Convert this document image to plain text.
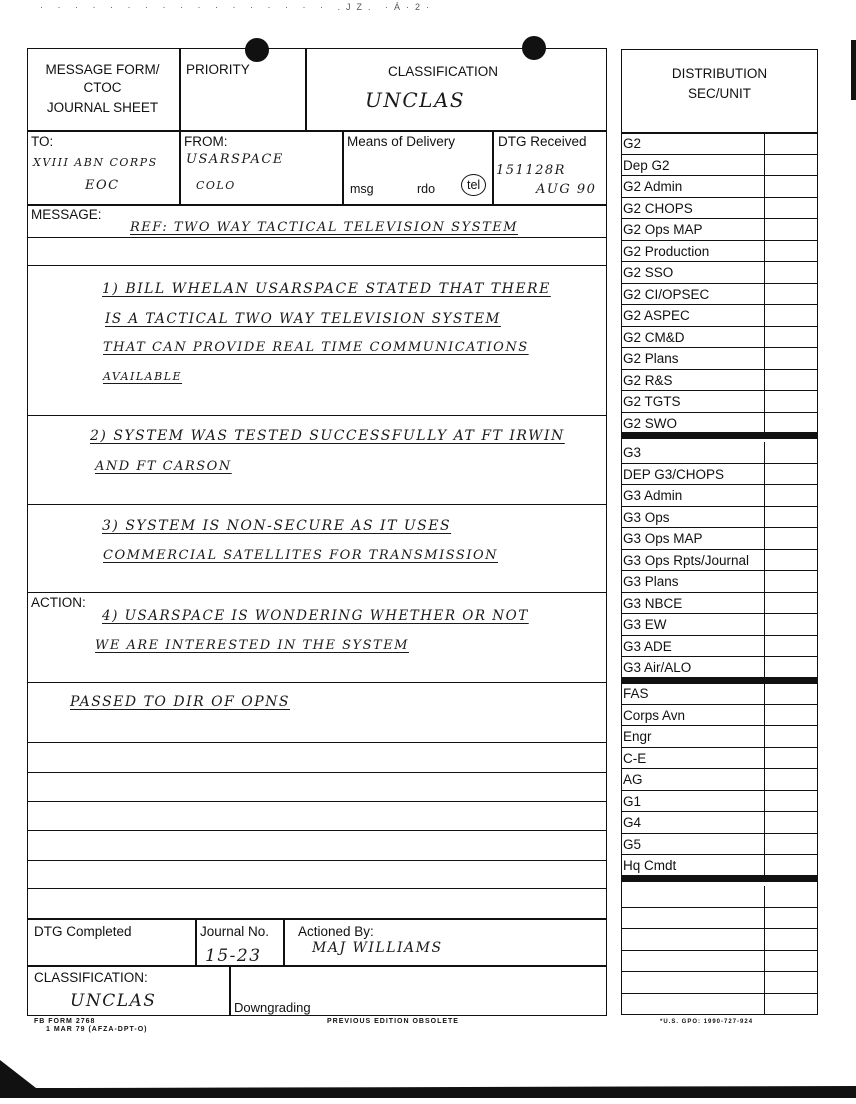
· · · · · · · · · · · · · · · · · .JZ. ·Á·2·
MESSAGE FORM/
CTOC
JOURNAL SHEET
PRIORITY	CLASSIFICATION
UNCLAS
TO:
XVIII ABN CORPS
EOC
FROM:
USARSPACE
COLO
Means of Delivery
msg	rdo	tel
DTG Received
151128R
AUG 90
MESSAGE:
ACTION:
REF: TWO WAY TACTICAL TELEVISION SYSTEM
1) BILL WHELAN USARSPACE STATED THAT THERE
IS A TACTICAL TWO WAY TELEVISION SYSTEM
THAT CAN PROVIDE REAL TIME COMMUNICATIONS
AVAILABLE
2) SYSTEM WAS TESTED SUCCESSFULLY AT FT IRWIN
AND FT CARSON
3) SYSTEM IS NON-SECURE AS IT USES
COMMERCIAL SATELLITES FOR TRANSMISSION
4) USARSPACE IS WONDERING WHETHER OR NOT
WE ARE INTERESTED IN THE SYSTEM
PASSED TO DIR OF OPNS
DTG Completed	Journal No.
15-23
Actioned By:
MAJ WILLIAMS
CLASSIFICATION:
UNCLAS	Downgrading
FB FORM 2768
1 MAR 79 (AFZA-DPT-O)
PREVIOUS EDITION OBSOLETE	*U.S. GPO: 1990-727-924
DISTRIBUTION
SEC/UNIT
G2
Dep G2
G2 Admin
G2 CHOPS
G2 Ops MAP
G2 Production
G2 SSO
G2 CI/OPSEC
G2 ASPEC
G2 CM&D
G2 Plans
G2 R&S
G2 TGTS
G2 SWO
G3
DEP G3/CHOPS
G3 Admin
G3 Ops
G3 Ops MAP
G3 Ops Rpts/Journal
G3 Plans
G3 NBCE
G3 EW
G3 ADE
G3 Air/ALO
FAS
Corps Avn
Engr
C-E
AG
G1
G4
G5
Hq Cmdt
